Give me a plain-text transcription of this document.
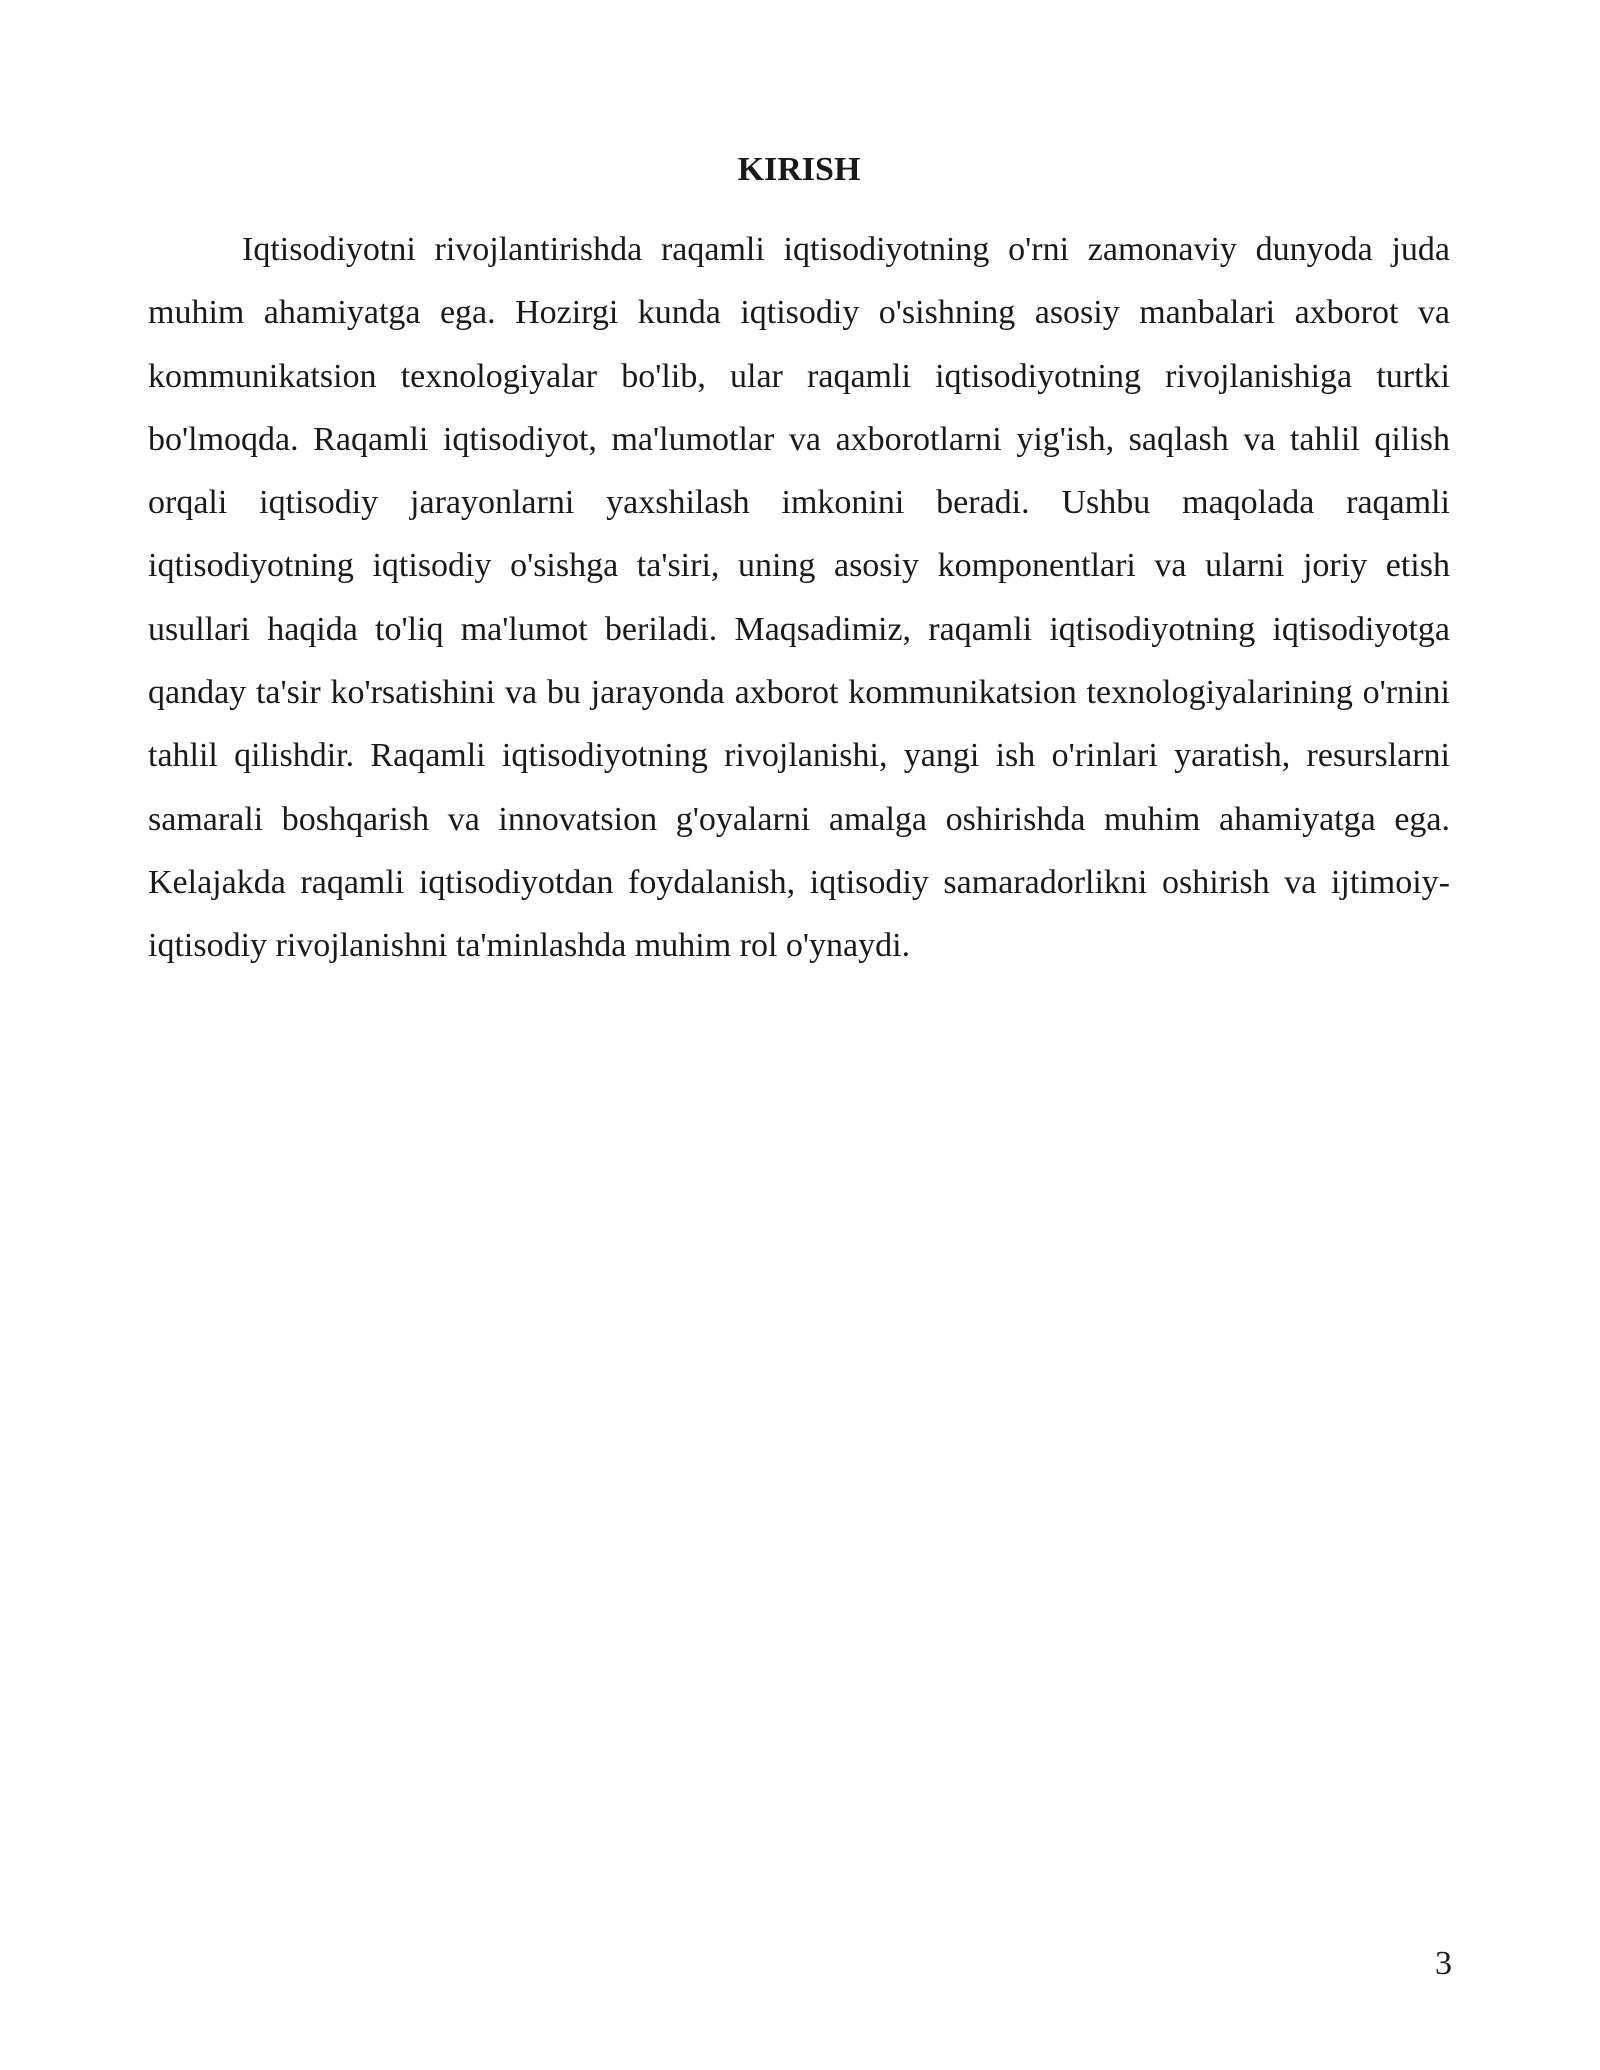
KIRISH

Iqtisodiyotni rivojlantirishda raqamli iqtisodiyotning o'rni zamonaviy dunyoda juda muhim ahamiyatga ega. Hozirgi kunda iqtisodiy o'sishning asosiy manbalari axborot va kommunikatsion texnologiyalar bo'lib, ular raqamli iqtisodiyotning rivojlanishiga turtki bo'lmoqda. Raqamli iqtisodiyot, ma'lumotlar va axborotlarni yig'ish, saqlash va tahlil qilish orqali iqtisodiy jarayonlarni yaxshilash imkonini beradi. Ushbu maqolada raqamli iqtisodiyotning iqtisodiy o'sishga ta'siri, uning asosiy komponentlari va ularni joriy etish usullari haqida to'liq ma'lumot beriladi. Maqsadimiz, raqamli iqtisodiyotning iqtisodiyotga qanday ta'sir ko'rsatishini va bu jarayonda axborot kommunikatsion texnologiyalarining o'rnini tahlil qilishdir. Raqamli iqtisodiyotning rivojlanishi, yangi ish o'rinlari yaratish, resurslarni samarali boshqarish va innovatsion g'oyalarni amalga oshirishda muhim ahamiyatga ega. Kelajakda raqamli iqtisodiyotdan foydalanish, iqtisodiy samaradorlikni oshirish va ijtimoiy-iqtisodiy rivojlanishni ta'minlashda muhim rol o'ynaydi.

3
